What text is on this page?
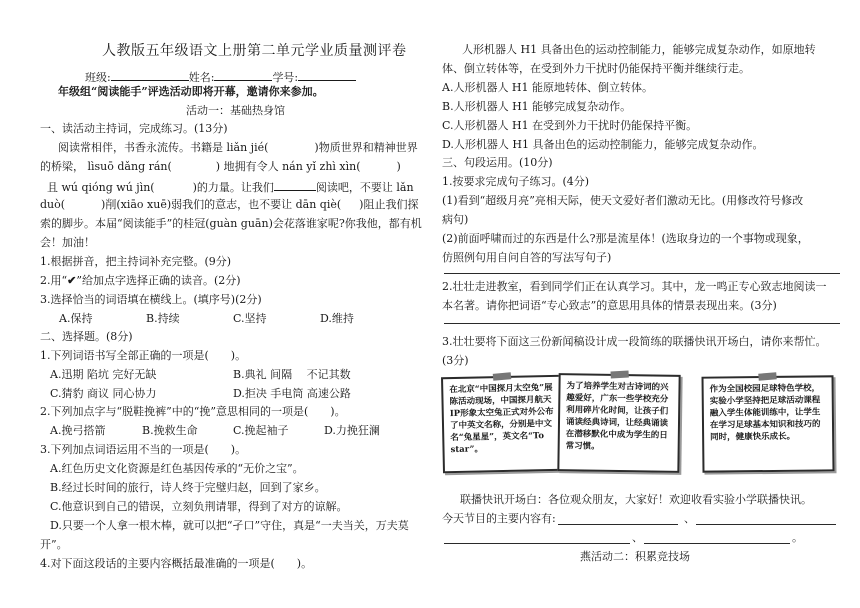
人教版五年级语文上册第二单元学业质量测评卷
班级:	姓名:	学号:
年级组“阅读能手”评选活动即将开幕，邀请你来参加。
活动一：基础热身馆
一、读活动主持词，完成练习。(13分)
阅读常相伴，书香永流传。书籍是 liǎn jié(	)物质世界和精神世界
的桥梁， lìsuō dǎng rán(	) 地拥有令人 nán yǐ zhì xìn(	)
且 wú qióng wú jìn(	)的力量。让我们	阅读吧，不要让 lǎn
duò(	)削(xiāo xuē)弱我们的意志，也不要让 dān qiè( )阻止我们探
索的脚步。本届“阅读能手”的桂冠(guàn guān)会花落谁家呢?你我他，都有机
会！加油！
1.根据拼音，把主持词补充完整。(9分)
2.用“✔”给加点字选择正确的读音。(2分)
3.选择恰当的词语填在横线上。(填序号)(2分)
A.保持	B.持续	C.坚持	D.维持
二、选择题。(8分)
1.下列词语书写全部正确的一项是(　　)。
A.迅期 陷坑 完好无缺	B.典礼 间隔 　不记其数
C.猜豹 商议 同心协力	D.拒决 手电筒 高速公路
2.下列加点字与“脱鞋挽裤”中的“挽”意思相同的一项是(　　)。
A.挽弓搭箭	B.挽救生命	C.挽起袖子	D.力挽狂澜
3.下列加点词语运用不当的一项是(　　)。
A.红色历史文化资源是红色基因传承的“无价之宝”。
B.经过长时间的旅行，诗人终于完璧归赵，回到了家乡。
C.他意识到自己的错误，立刻负荆请罪，得到了对方的谅解。
D.只要一个人拿一根木棒，就可以把“孑口”守住，真是“一夫当关，万夫莫
开”。
4.对下面这段话的主要内容概括最准确的一项是(　　)。
人形机器人 H1 具备出色的运动控制能力，能够完成复杂动作，如原地转
体、倒立转体等，在受到外力干扰时仍能保持平衡并继续行走。
A.人形机器人 H1 能原地转体、倒立转体。
B.人形机器人 H1 能够完成复杂动作。
C.人形机器人 H1 在受到外力干扰时仍能保持平衡。
D.人形机器人 H1 具备出色的运动控制能力，能够完成复杂动作。
三、句段运用。(10分)
1.按要求完成句子练习。(4分)
(1)看到“超级月亮”亮相天际，使天文爱好者们激动无比。(用修改符号修改
病句)
(2)前面呼啸而过的东西是什么?那是流星体！(选取身边的一个事物或现象，
仿照例句用自问自答的写法写句子)
2.壮壮走进教室，看到同学们正在认真学习。其中，龙一鸣正专心致志地阅读一
本名著。请你把词语“专心致志”的意思用具体的情景表现出来。(3分)
3.壮壮要将下面这三份新闻稿设计成一段简练的联播快讯开场白，请你来帮忙。
(3分)
在北京“中国探月太空兔”展陈活动现场，中国探月航天IP形象太空兔正式对外公布了中英文名称，分别是中文名“兔星星”，英文名“To star”。
为了培养学生对古诗词的兴趣爱好，广东一些学校充分利用碎片化时间，让孩子们诵读经典诗词，让经典诵读在潜移默化中成为学生的日常习惯。
作为全国校园足球特色学校，实验小学坚持把足球活动课程融入学生体能训练中，让学生在学习足球基本知识和技巧的同时，健康快乐成长。
联播快讯开场白：各位观众朋友，大家好！欢迎收看实验小学联播快讯。
今天节目的主要内容有:	、
、	。
燕活动二：积累竞技场
